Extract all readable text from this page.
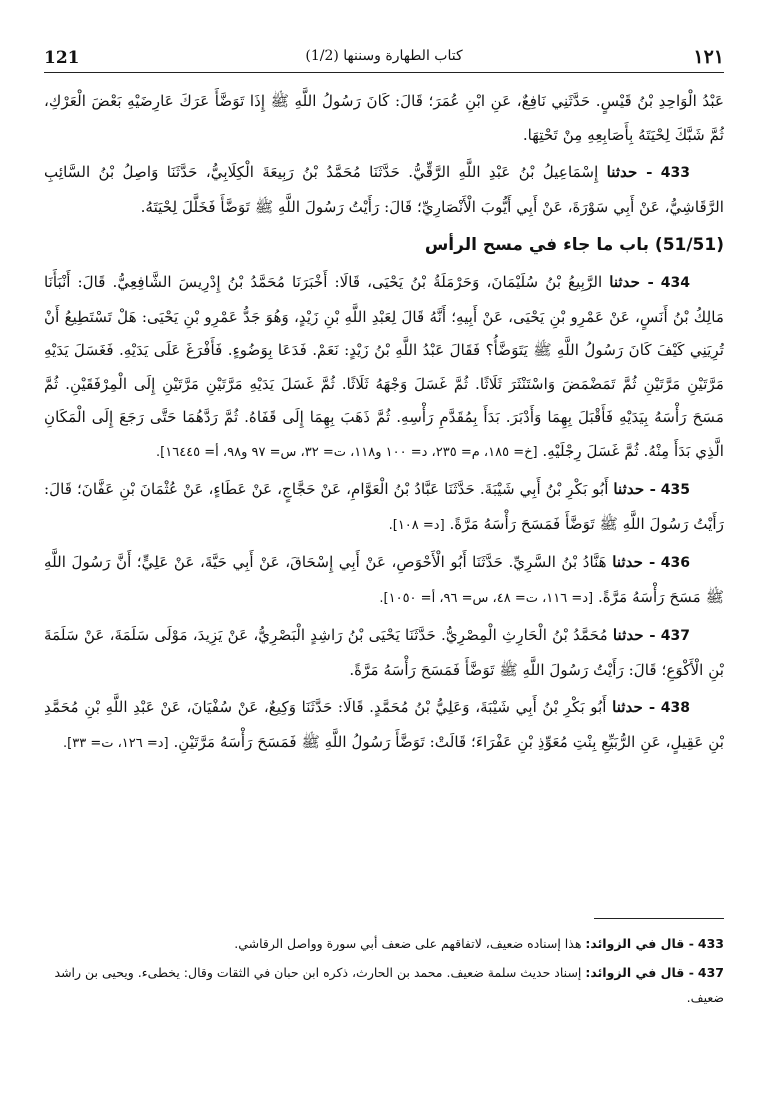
121	(1/2) كتاب الطهارة وسننها	١٢١

عَبْدُ الْوَاحِدِ بْنُ قَيْسٍ. حَدَّثَنِي نَافِعٌ، عَنِ ابْنِ عُمَرَ؛ قَالَ: كَانَ رَسُولُ اللَّهِ ﷺ إِذَا تَوَضَّأَ عَرَكَ عَارِضَيْهِ بَعْضَ الْعَرْكِ، ثُمَّ شَبَّكَ لِحْيَتَهُ بِأَصَابِعِهِ مِنْ تَحْتِهَا.

433 - حدثنا إِسْمَاعِيلُ بْنُ عَبْدِ اللَّهِ الرَّقِّيُّ. حَدَّثَنَا مُحَمَّدُ بْنُ رَبِيعَةَ الْكِلَابِيُّ، حَدَّثَنَا وَاصِلُ بْنُ السَّائِبِ الرَّقَاشِيُّ، عَنْ أَبِي سَوْرَةَ، عَنْ أَبِي أَيُّوبَ الْأَنْصَارِيِّ؛ قَالَ: رَأَيْتُ رَسُولَ اللَّهِ ﷺ تَوَضَّأَ فَخَلَّلَ لِحْيَتَهُ.

(51/51) باب ما جاء في مسح الرأس

434 - حدثنا الرَّبِيعُ بْنُ سُلَيْمَانَ، وَحَرْمَلَةُ بْنُ يَحْيَى، قَالَا: أَخْبَرَنَا مُحَمَّدُ بْنُ إِدْرِيسَ الشَّافِعِيُّ. قَالَ: أَنْبَأَنَا مَالِكُ بْنُ أَنَسٍ، عَنْ عَمْرِو بْنِ يَحْيَى، عَنْ أَبِيهِ؛ أَنَّهُ قَالَ لِعَبْدِ اللَّهِ بْنِ زَيْدٍ، وَهُوَ جَدُّ عَمْرِو بْنِ يَحْيَى: هَلْ تَسْتَطِيعُ أَنْ تُرِيَنِي كَيْفَ كَانَ رَسُولُ اللَّهِ ﷺ يَتَوَضَّأُ؟ فَقَالَ عَبْدُ اللَّهِ بْنُ زَيْدٍ: نَعَمْ. فَدَعَا بِوَضُوءٍ. فَأَفْرَغَ عَلَى يَدَيْهِ. فَغَسَلَ يَدَيْهِ مَرَّتَيْنِ مَرَّتَيْنِ ثُمَّ تَمَضْمَضَ وَاسْتَنْثَرَ ثَلَاثًا. ثُمَّ غَسَلَ وَجْهَهُ ثَلَاثًا. ثُمَّ غَسَلَ يَدَيْهِ مَرَّتَيْنِ مَرَّتَيْنِ إِلَى الْمِرْفَقَيْنِ. ثُمَّ مَسَحَ رَأْسَهُ بِيَدَيْهِ فَأَقْبَلَ بِهِمَا وَأَدْبَرَ. بَدَأَ بِمُقَدَّمِ رَأْسِهِ. ثُمَّ ذَهَبَ بِهِمَا إِلَى قَفَاهُ. ثُمَّ رَدَّهُمَا حَتَّى رَجَعَ إِلَى الْمَكَانِ الَّذِي بَدَأَ مِنْهُ. ثُمَّ غَسَلَ رِجْلَيْهِ. [خ= ١٨٥، م= ٢٣٥، د= ١٠٠ و١١٨، ت= ٣٢، س= ٩٧ و٩٨، أ= ١٦٤٤٥].

435 - حدثنا أَبُو بَكْرِ بْنُ أَبِي شَيْبَةَ. حَدَّثَنَا عَبَّادُ بْنُ الْعَوَّامِ، عَنْ حَجَّاجٍ، عَنْ عَطَاءٍ، عَنْ عُثْمَانَ بْنِ عَفَّانَ؛ قَالَ: رَأَيْتُ رَسُولَ اللَّهِ ﷺ تَوَضَّأَ فَمَسَحَ رَأْسَهُ مَرَّةً. [د= ١٠٨].

436 - حدثنا هَنَّادُ بْنُ السَّرِيِّ. حَدَّثَنَا أَبُو الْأَحْوَصِ، عَنْ أَبِي إِسْحَاقَ، عَنْ أَبِي حَيَّةَ، عَنْ عَلِيٍّ؛ أَنَّ رَسُولَ اللَّهِ ﷺ مَسَحَ رَأْسَهُ مَرَّةً. [د= ١١٦، ت= ٤٨، س= ٩٦، أ= ١٠٥٠].

437 - حدثنا مُحَمَّدُ بْنُ الْحَارِثِ الْمِصْرِيُّ. حَدَّثَنَا يَحْيَى بْنُ رَاشِدٍ الْبَصْرِيُّ، عَنْ يَزِيدَ، مَوْلَى سَلَمَةَ، عَنْ سَلَمَةَ بْنِ الْأَكْوَعِ؛ قَالَ: رَأَيْتُ رَسُولَ اللَّهِ ﷺ تَوَضَّأَ فَمَسَحَ رَأْسَهُ مَرَّةً.

438 - حدثنا أَبُو بَكْرِ بْنُ أَبِي شَيْبَةَ، وَعَلِيُّ بْنُ مُحَمَّدٍ. قَالَا: حَدَّثَنَا وَكِيعٌ، عَنْ سُفْيَانَ، عَنْ عَبْدِ اللَّهِ بْنِ مُحَمَّدِ بْنِ عَقِيلٍ، عَنِ الرُّبَيِّعِ بِنْتِ مُعَوِّذِ بْنِ عَفْرَاءَ؛ قَالَتْ: تَوَضَّأَ رَسُولُ اللَّهِ ﷺ فَمَسَحَ رَأْسَهُ مَرَّتَيْنِ. [د= ١٢٦، ت= ٣٣].

433 - قال في الزوائد: هذا إسناده ضعيف، لاتفاقهم على ضعف أبي سورة وواصل الرقاشي.

437 - قال في الزوائد: إسناد حديث سلمة ضعيف. محمد بن الحارث، ذكره ابن حبان في الثقات وقال: يخطىء. ويحيى بن راشد ضعيف.
